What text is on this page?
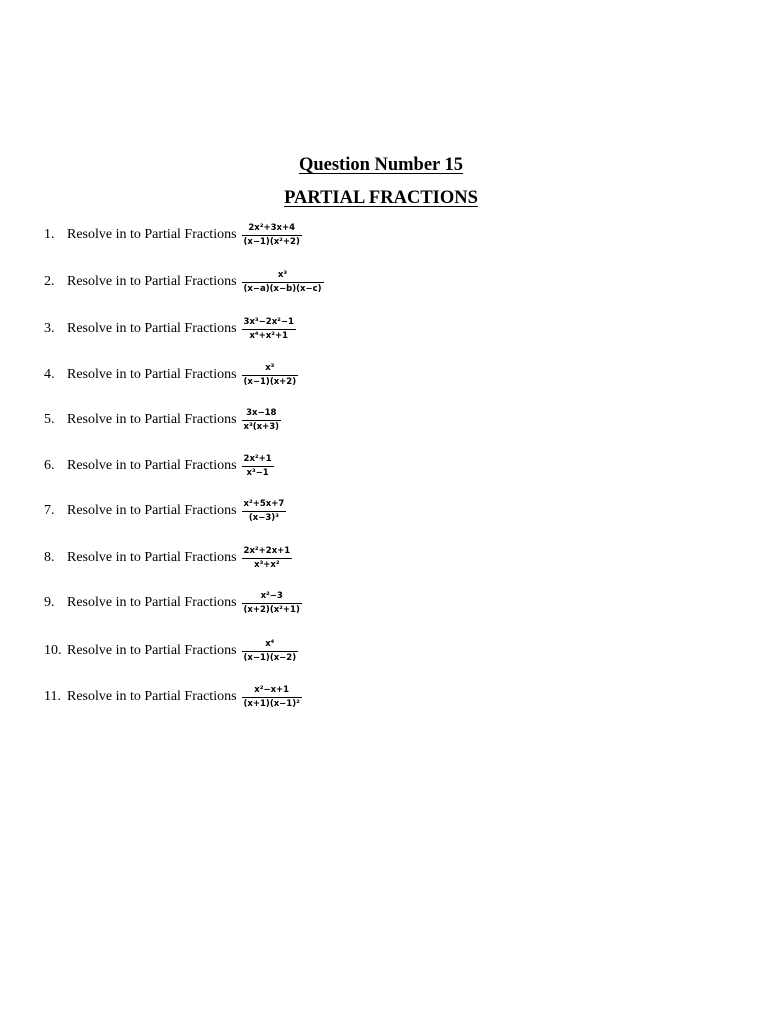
Question Number 15
PARTIAL FRACTIONS
1. Resolve in to Partial Fractions $\frac{\text{2x²+3x+4}}{\text{(x−1)(x²+2)}}$
2. Resolve in to Partial Fractions $\frac{\text{x³}}{(x-a)(x-b)(x-c)}$
3. Resolve in to Partial Fractions $\frac{\text{3x³−2x²−1}}{\text{x⁴+x²+1}}$
4. Resolve in to Partial Fractions $\frac{\text{x³}}{(x-1)(x+2)}$
5. Resolve in to Partial Fractions $\frac{3x-18}{\text{x³(x+3)}}$
6. Resolve in to Partial Fractions $\frac{\text{2x²+1}}{\text{x³−1}}$
7. Resolve in to Partial Fractions $\frac{\text{x²+5x+7}}{\text{(x−3)³}}$
8. Resolve in to Partial Fractions $\frac{\text{2x²+2x+1}}{\text{x³+x²}}$
9. Resolve in to Partial Fractions $\frac{\text{x²−3}}{\text{(x+2)(x²+1)}}$
10. Resolve in to Partial Fractions $\frac{\text{x⁴}}{(x-1)(x-2)}$
11. Resolve in to Partial Fractions $\frac{\text{x²−x+1}}{\text{(x+1)(x−1)²}}$
